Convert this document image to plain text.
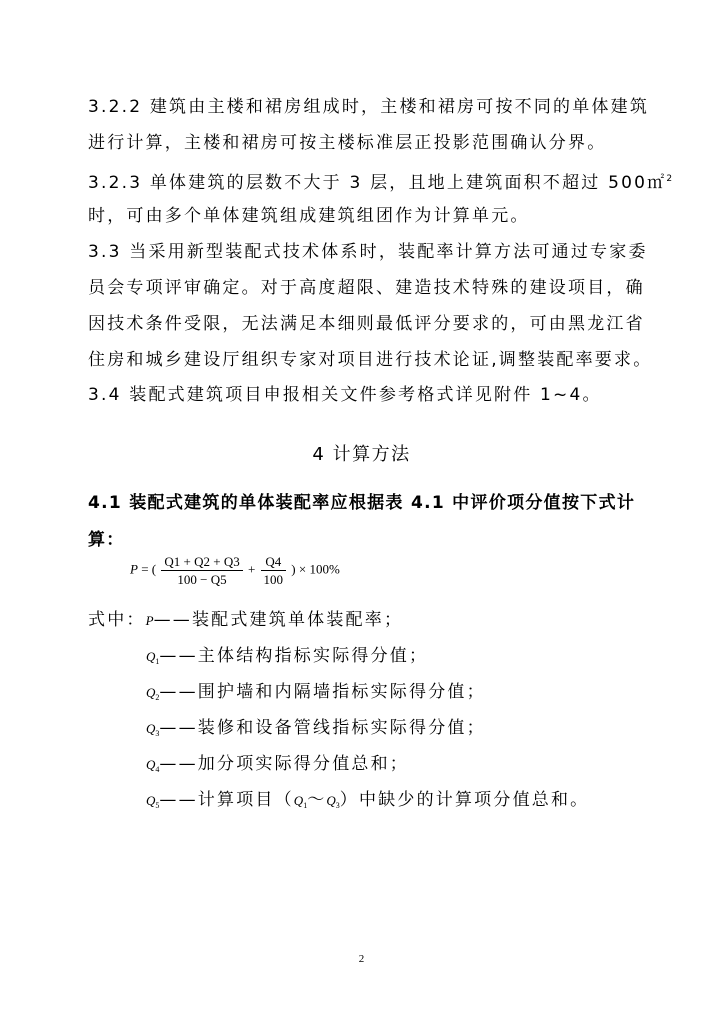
3.2.2 建筑由主楼和裙房组成时，主楼和裙房可按不同的单体建筑
进行计算，主楼和裙房可按主楼标准层正投影范围确认分界。
3.2.3 单体建筑的层数不大于 3 层，且地上建筑面积不超过 500㎡$^2$
时，可由多个单体建筑组成建筑组团作为计算单元。
3.3 当采用新型装配式技术体系时，装配率计算方法可通过专家委
员会专项评审确定。对于高度超限、建造技术特殊的建设项目，确
因技术条件受限，无法满足本细则最低评分要求的，可由黑龙江省
住房和城乡建设厅组织专家对项目进行技术论证,调整装配率要求。
3.4 装配式建筑项目申报相关文件参考格式详见附件 1~4。
4 计算方法
4.1 装配式建筑的单体装配率应根据表 4.1 中评价项分值按下式计
算：
P = ( $\frac{Q1 + Q2 + Q3}{100 - Q5} + \frac{Q4}{100}$ ) × 100%
式中：P——装配式建筑单体装配率；
$Q_1——$主体结构指标实际得分值；
$Q_2——$围护墙和内隔墙指标实际得分值；
$Q_3——$装修和设备管线指标实际得分值；
$Q_4——$加分项实际得分值总和；
$Q_5——$计算项目$(Q_1\sim Q_3)$中缺少的计算项分值总和。
2
